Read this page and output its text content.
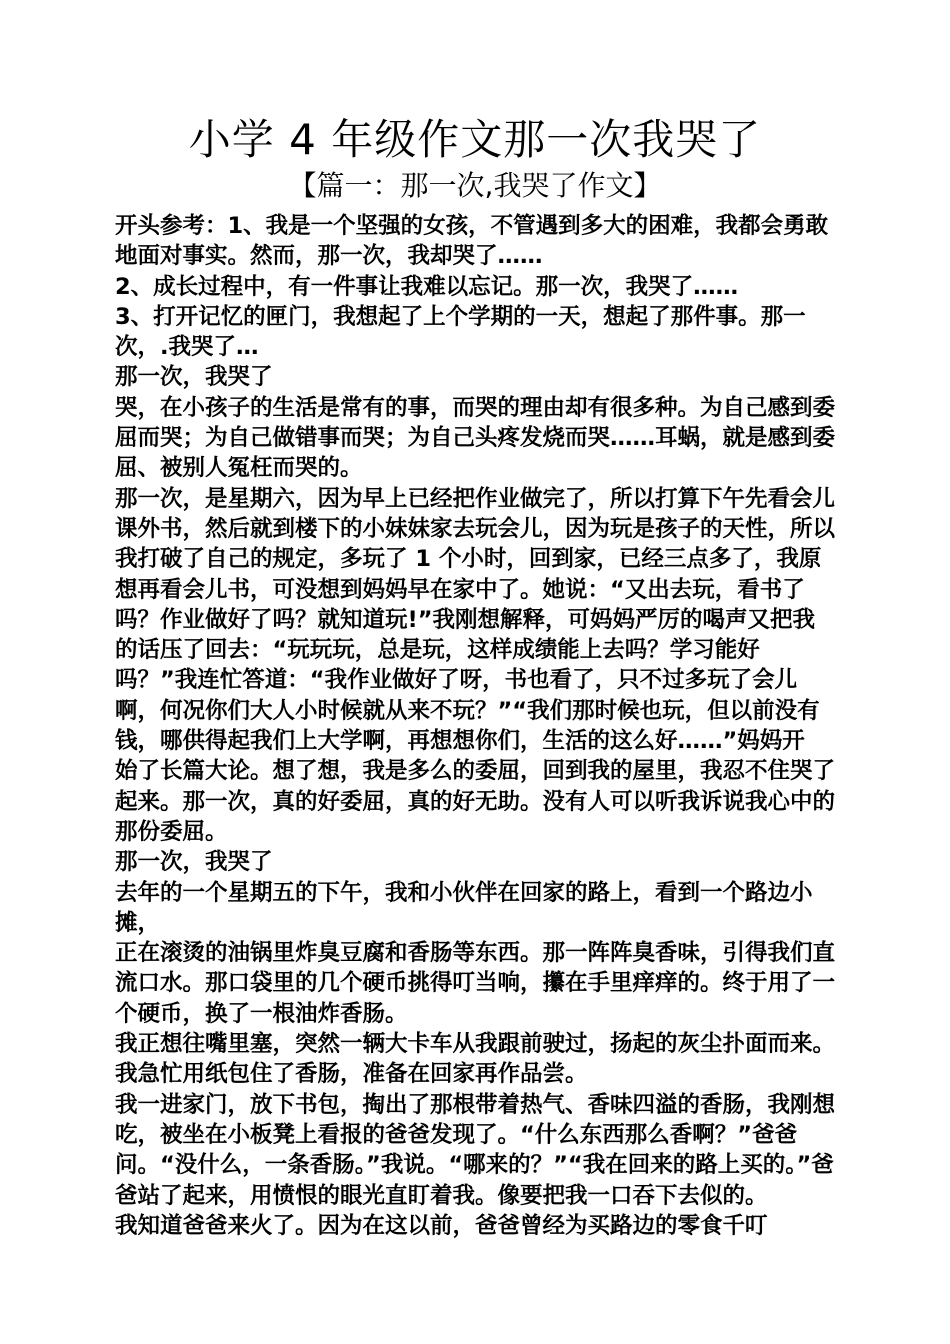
小学 4 年级作文那一次我哭了
【篇一：那一次,我哭了作文】

开头参考：1、我是一个坚强的女孩，不管遇到多大的困难，我都会勇敢地面对事实。然而，那一次，我却哭了……

2、成长过程中，有一件事让我难以忘记。那一次，我哭了……

3、打开记忆的匣门，我想起了上个学期的一天，想起了那件事。那一次，.我哭了…

那一次，我哭了

哭，在小孩子的生活是常有的事，而哭的理由却有很多种。为自己感到委屈而哭；为自己做错事而哭；为自己头疼发烧而哭……耳蜗，就是感到委屈、被别人冤枉而哭的。

那一次，是星期六，因为早上已经把作业做完了，所以打算下午先看会儿课外书，然后就到楼下的小妹妹家去玩会儿，因为玩是孩子的天性，所以我打破了自己的规定，多玩了 1 个小时，回到家，已经三点多了，我原想再看会儿书，可没想到妈妈早在家中了。她说：“又出去玩，看书了吗？作业做好了吗？就知道玩!”我刚想解释，可妈妈严厉的喝声又把我的话压了回去：“玩玩玩，总是玩，这样成绩能上去吗？学习能好吗？”我连忙答道：“我作业做好了呀，书也看了，只不过多玩了会儿啊，何况你们大人小时候就从来不玩？”“我们那时候也玩，但以前没有钱，哪供得起我们上大学啊，再想想你们，生活的这么好……”妈妈开

始了长篇大论。想了想，我是多么的委屈，回到我的屋里，我忍不住哭了起来。那一次，真的好委屈，真的好无助。没有人可以听我诉说我心中的那份委屈。

那一次，我哭了

去年的一个星期五的下午，我和小伙伴在回家的路上，看到一个路边小摊，

正在滚烫的油锅里炸臭豆腐和香肠等东西。那一阵阵臭香味，引得我们直流口水。那口袋里的几个硬币挑得叮当响，攥在手里痒痒的。终于用了一个硬币，换了一根油炸香肠。

我正想往嘴里塞，突然一辆大卡车从我跟前驶过，扬起的灰尘扑面而来。我急忙用纸包住了香肠，准备在回家再作品尝。

我一进家门，放下书包，掏出了那根带着热气、香味四溢的香肠，我刚想吃，被坐在小板凳上看报的爸爸发现了。“什么东西那么香啊？”爸爸问。“没什么，一条香肠。”我说。“哪来的？”“我在回来的路上买的。”爸爸站了起来，用愤恨的眼光直盯着我。像要把我一口吞下去似的。

我知道爸爸来火了。因为在这以前，爸爸曾经为买路边的零食千叮
